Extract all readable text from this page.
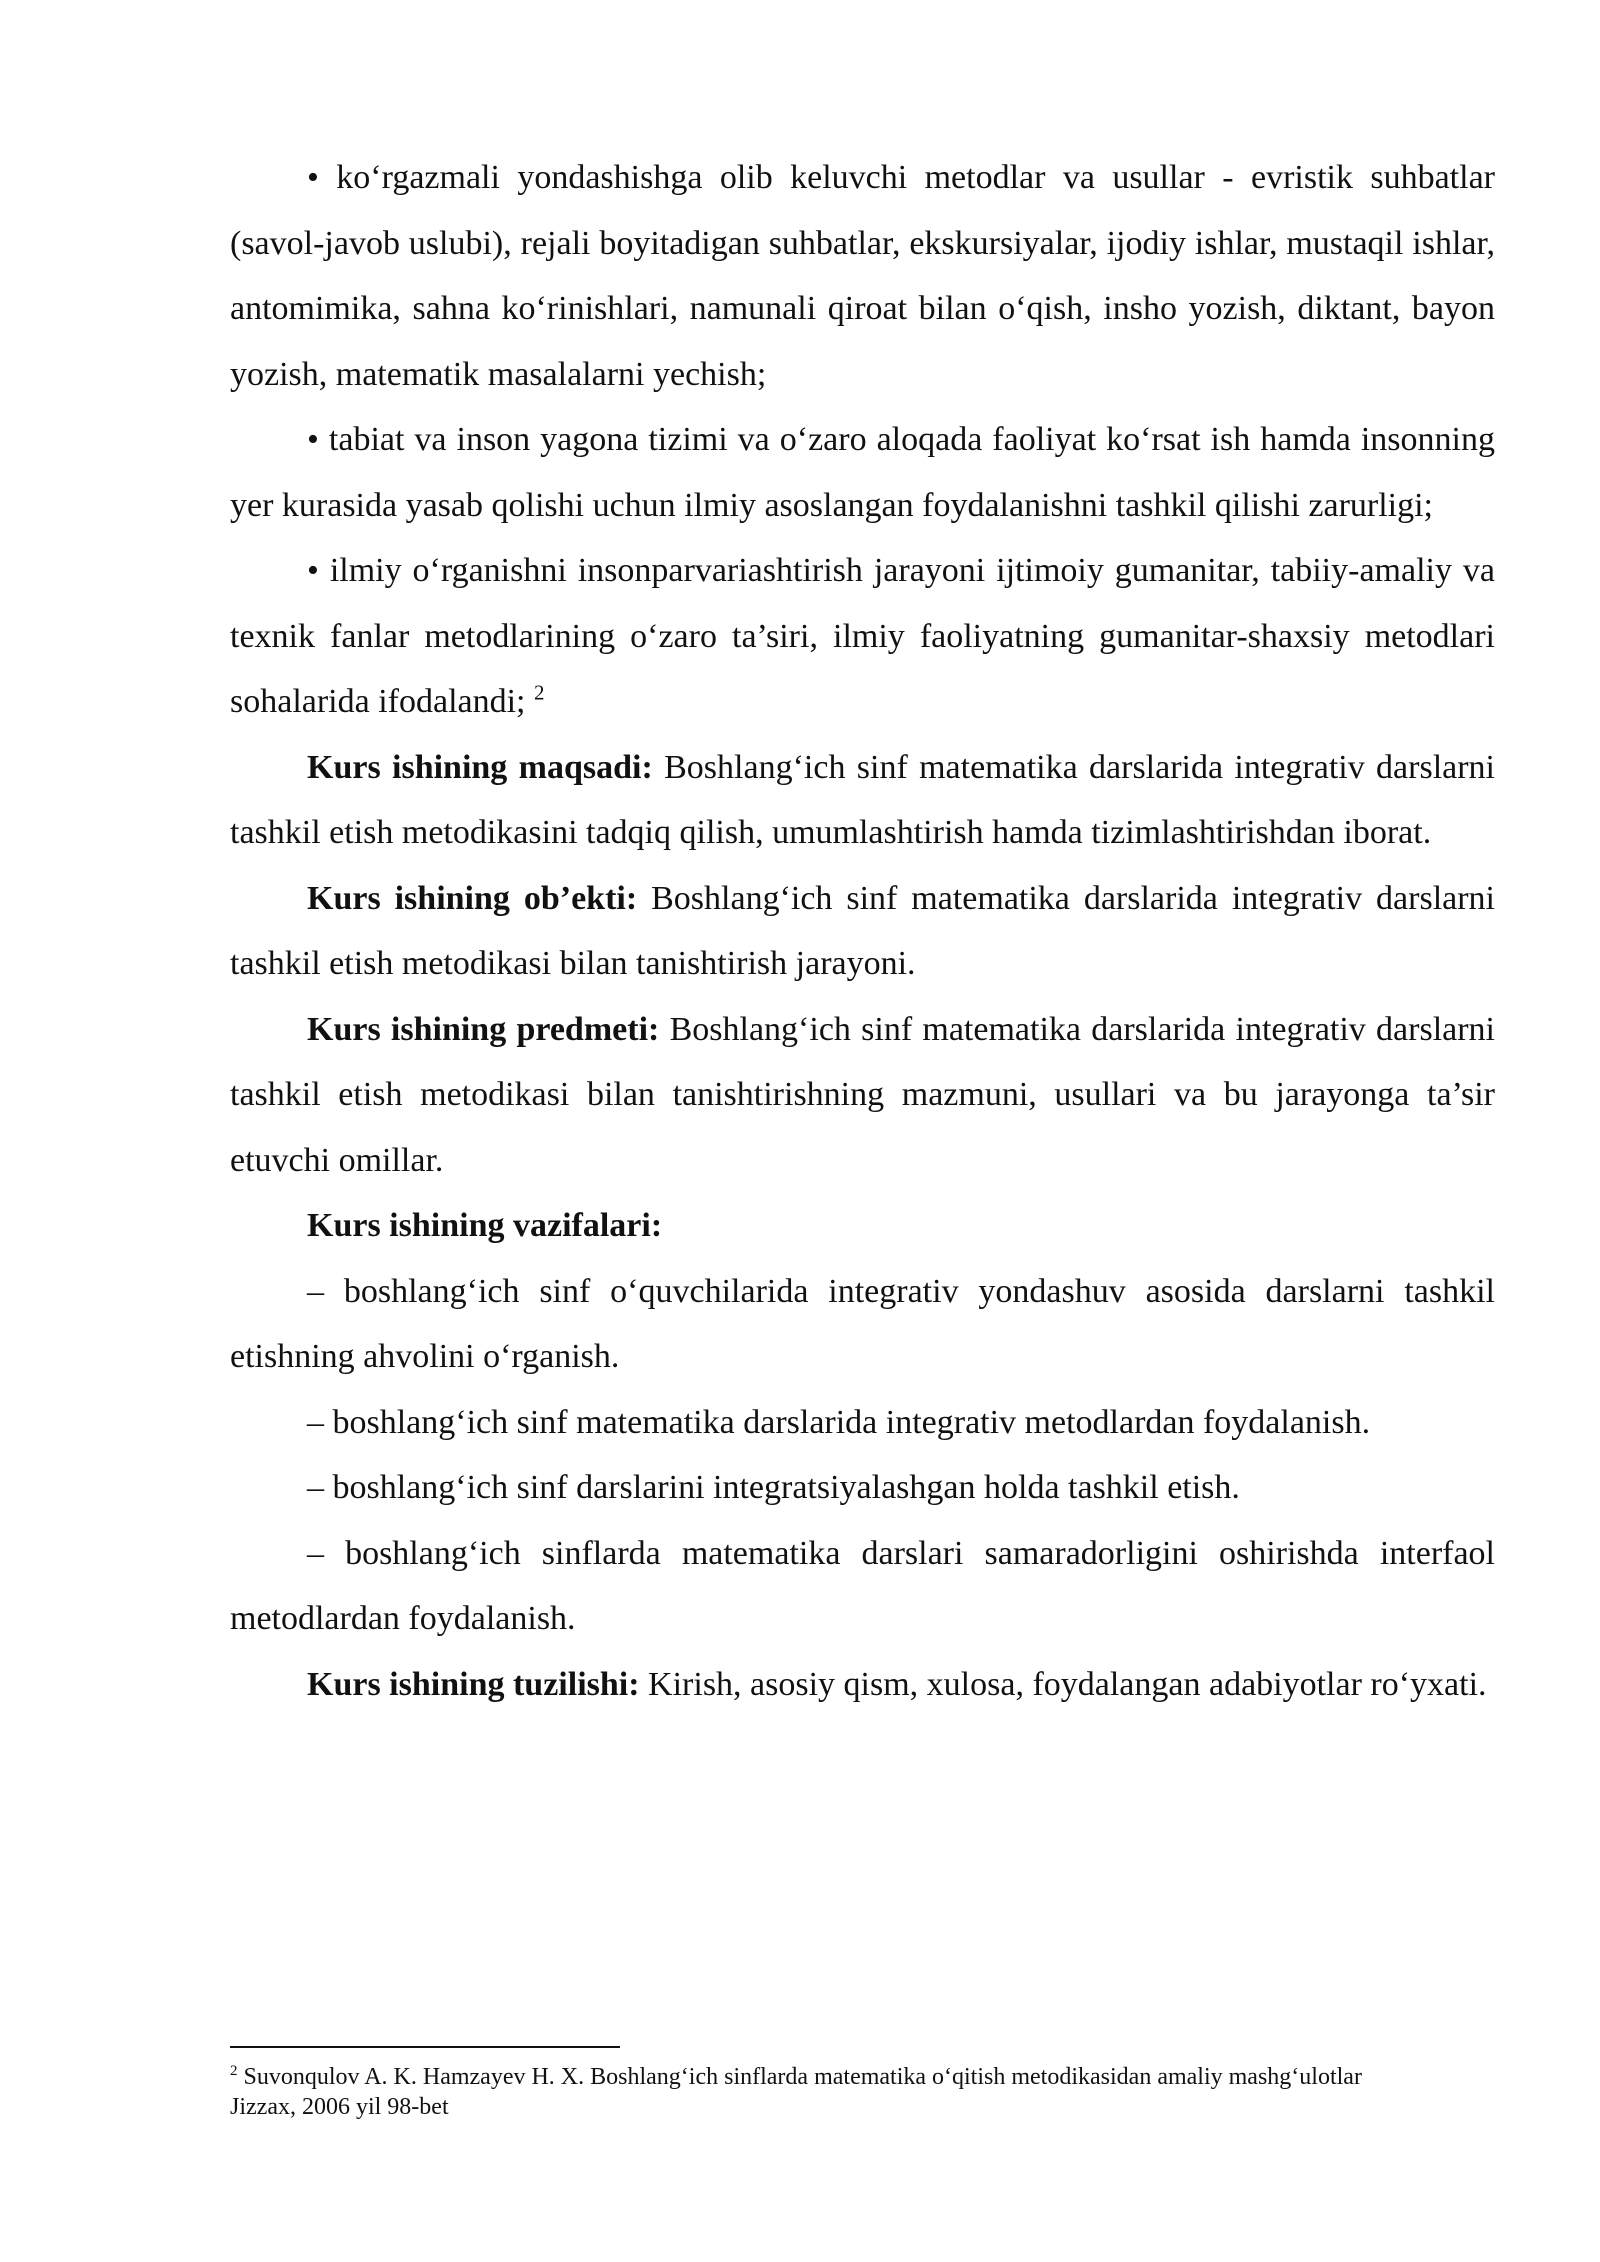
• ko‘rgazmali yondashishga olib keluvchi metodlar va usullar - evristik suhbatlar (savol-javob uslubi), rejali boyitadigan suhbatlar, ekskursiyalar, ijodiy ishlar, mustaqil ishlar, antomimika, sahna ko‘rinishlari, namunali qiroat bilan o‘qish, insho yozish, diktant, bayon yozish, matematik masalalarni yechish;

• tabiat va inson yagona tizimi va o‘zaro aloqada faoliyat ko‘rsat ish hamda insonning yer kurasida yasab qolishi uchun ilmiy asoslangan foydalanishni tashkil qilishi zarurligi;

• ilmiy o‘rganishni insonparvariashtirish jarayoni ijtimoiy gumanitar, tabiiy-amaliy va texnik fanlar metodlarining o‘zaro ta’siri, ilmiy faoliyatning gumanitar-shaxsiy metodlari sohalarida ifodalandi; $^2$

Kurs ishining maqsadi: Boshlang‘ich sinf matematika darslarida integrativ darslarni tashkil etish metodikasini tadqiq qilish, umumlashtirish hamda tizimlashtirishdan iborat.

Kurs ishining ob’ekti: Boshlang‘ich sinf matematika darslarida integrativ darslarni tashkil etish metodikasi bilan tanishtirish jarayoni.

Kurs ishining predmeti: Boshlang‘ich sinf matematika darslarida integrativ darslarni tashkil etish metodikasi bilan tanishtirishning mazmuni, usullari va bu jarayonga ta’sir etuvchi omillar.

Kurs ishining vazifalari:

– boshlang‘ich sinf o‘quvchilarida integrativ yondashuv asosida darslarni tashkil etishning ahvolini o‘rganish.

– boshlang‘ich sinf matematika darslarida integrativ metodlardan foydalanish.

– boshlang‘ich sinf darslarini integratsiyalashgan holda tashkil etish.

– boshlang‘ich sinflarda matematika darslari samaradorligini oshirishda interfaol metodlardan foydalanish.

Kurs ishining tuzilishi: Kirish, asosiy qism, xulosa, foydalangan adabiyotlar ro‘yxati.

$^2$ Suvonqulov A. K. Hamzayev H. X. Boshlang‘ich sinflarda matematika o‘qitish metodikasidan amaliy mashg‘ulotlar Jizzax, 2006 yil 98-bet
